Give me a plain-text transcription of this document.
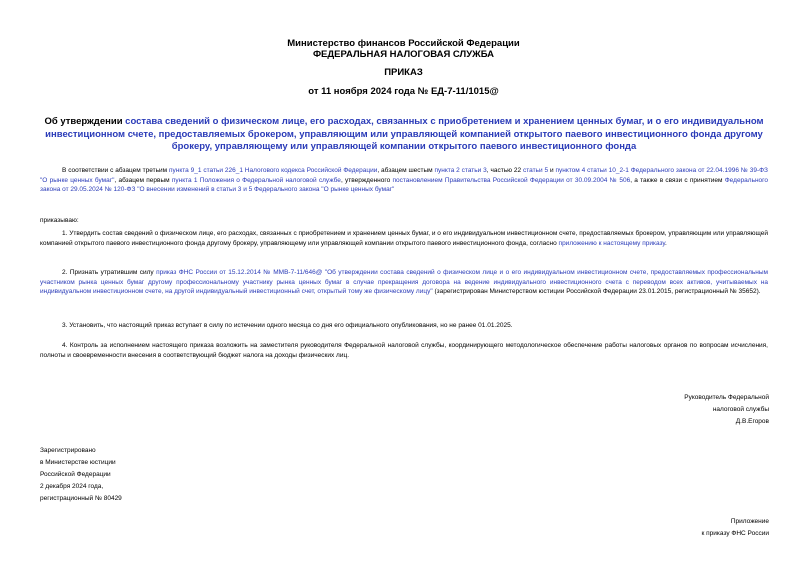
Министерство финансов Российской Федерации
ФЕДЕРАЛЬНАЯ НАЛОГОВАЯ СЛУЖБА
ПРИКАЗ
от 11 ноября 2024 года № ЕД-7-11/1015@
Об утверждении состава сведений о физическом лице, его расходах, связанных с приобретением и хранением ценных бумаг, и о его индивидуальном инвестиционном счете, предоставляемых брокером, управляющим или управляющей компанией открытого паевого инвестиционного фонда другому брокеру, управляющему или управляющей компании открытого паевого инвестиционного фонда
В соответствии с абзацем третьим пункта 9_1 статьи 226_1 Налогового кодекса Российской Федерации, абзацем шестым пункта 2 статьи 3, частью 22 статьи 5 и пунктом 4 статьи 10_2-1 Федерального закона от 22.04.1996 № 39-ФЗ "О рынке ценных бумаг", абзацем первым пункта 1 Положения о Федеральной налоговой службе, утвержденного постановлением Правительства Российской Федерации от 30.09.2004 № 506, а также в связи с принятием Федерального закона от 29.05.2024 № 120-ФЗ "О внесении изменений в статьи 3 и 5 Федерального закона "О рынке ценных бумаг"
приказываю:
1. Утвердить состав сведений о физическом лице, его расходах, связанных с приобретением и хранением ценных бумаг, и о его индивидуальном инвестиционном счете, предоставляемых брокером, управляющим или управляющей компанией открытого паевого инвестиционного фонда другому брокеру, управляющему или управляющей компании открытого паевого инвестиционного фонда, согласно приложению к настоящему приказу.
2. Признать утратившим силу приказ ФНС России от 15.12.2014 № ММВ-7-11/646@ "Об утверждении состава сведений о физическом лице и о его индивидуальном инвестиционном счете, предоставляемых профессиональным участником рынка ценных бумаг другому профессиональному участнику рынка ценных бумаг в случае прекращения договора на ведение индивидуального инвестиционного счета с переводом всех активов, учитываемых на индивидуальном инвестиционном счете, на другой индивидуальный инвестиционный счет, открытый тому же физическому лицу" (зарегистрирован Министерством юстиции Российской Федерации 23.01.2015, регистрационный № 35652).
3. Установить, что настоящий приказ вступает в силу по истечении одного месяца со дня его официального опубликования, но не ранее 01.01.2025.
4. Контроль за исполнением настоящего приказа возложить на заместителя руководителя Федеральной налоговой службы, координирующего методологическое обеспечение работы налоговых органов по вопросам исчисления, полноты и своевременности внесения в соответствующий бюджет налога на доходы физических лиц.
Руководитель Федеральной
налоговой службы
Д.В.Егоров
Зарегистрировано
в Министерстве юстиции
Российской Федерации
2 декабря 2024 года,
регистрационный № 80429
Приложение
к приказу ФНС России
